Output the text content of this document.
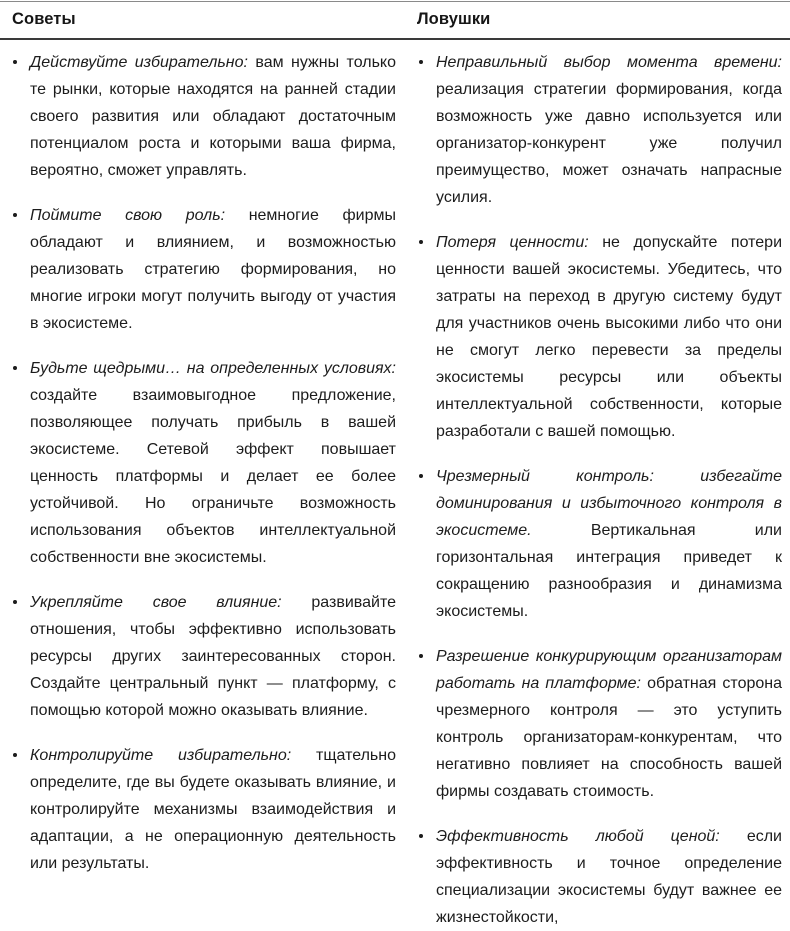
Советы	Ловушки
Действуйте избирательно: вам нужны только те рынки, которые находятся на ранней стадии своего развития или обладают достаточным потенциалом роста и которыми ваша фирма, вероятно, сможет управлять.
Поймите свою роль: немногие фирмы обладают и влиянием, и возможностью реализовать стратегию формирования, но многие игроки могут получить выгоду от участия в экосистеме.
Будьте щедрыми… на определенных условиях: создайте взаимовыгодное предложение, позволяющее получать прибыль в вашей экосистеме. Сетевой эффект повышает ценность платформы и делает ее более устойчивой. Но ограничьте возможность использования объектов интеллектуальной собственности вне экосистемы.
Укрепляйте свое влияние: развивайте отношения, чтобы эффективно использовать ресурсы других заинтересованных сторон. Создайте центральный пункт — платформу, с помощью которой можно оказывать влияние.
Контролируйте избирательно: тщательно определите, где вы будете оказывать влияние, и контролируйте механизмы взаимодействия и адаптации, а не операционную деятельность или результаты.
Неправильный выбор момента времени: реализация стратегии формирования, когда возможность уже давно используется или организатор-конкурент уже получил преимущество, может означать напрасные усилия.
Потеря ценности: не допускайте потери ценности вашей экосистемы. Убедитесь, что затраты на переход в другую систему будут для участников очень высокими либо что они не смогут легко перевести за пределы экосистемы ресурсы или объекты интеллектуальной собственности, которые разработали с вашей помощью.
Чрезмерный контроль: избегайте доминирования и избыточного контроля в экосистеме. Вертикальная или горизонтальная интеграция приведет к сокращению разнообразия и динамизма экосистемы.
Разрешение конкурирующим организаторам работать на платформе: обратная сторона чрезмерного контроля — это уступить контроль организаторам-конкурентам, что негативно повлияет на способность вашей фирмы создавать стоимость.
Эффективность любой ценой: если эффективность и точное определение специализации экосистемы будут важнее ее жизнестойкости,
